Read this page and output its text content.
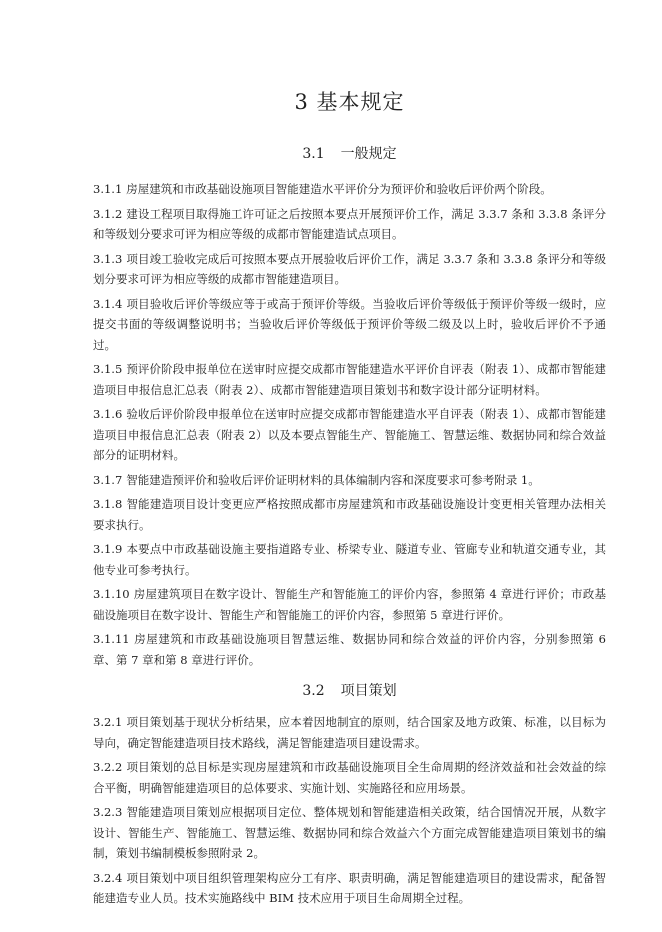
3 基本规定
3.1 一般规定

3.1.1 房屋建筑和市政基础设施项目智能建造水平评价分为预评价和验收后评价两个阶段。

3.1.2 建设工程项目取得施工许可证之后按照本要点开展预评价工作，满足 3.3.7 条和 3.3.8 条评分和等级划分要求可评为相应等级的成都市智能建造试点项目。

3.1.3 项目竣工验收完成后可按照本要点开展验收后评价工作，满足 3.3.7 条和 3.3.8 条评分和等级划分要求可评为相应等级的成都市智能建造项目。

3.1.4 项目验收后评价等级应等于或高于预评价等级。当验收后评价等级低于预评价等级一级时，应提交书面的等级调整说明书；当验收后评价等级低于预评价等级二级及以上时，验收后评价不予通过。

3.1.5 预评价阶段申报单位在送审时应提交成都市智能建造水平评价自评表（附表 1）、成都市智能建造项目申报信息汇总表（附表 2）、成都市智能建造项目策划书和数字设计部分证明材料。

3.1.6 验收后评价阶段申报单位在送审时应提交成都市智能建造水平自评表（附表 1）、成都市智能建造项目申报信息汇总表（附表 2）以及本要点智能生产、智能施工、智慧运维、数据协同和综合效益部分的证明材料。

3.1.7 智能建造预评价和验收后评价证明材料的具体编制内容和深度要求可参考附录 1。

3.1.8 智能建造项目设计变更应严格按照成都市房屋建筑和市政基础设施设计变更相关管理办法相关要求执行。

3.1.9 本要点中市政基础设施主要指道路专业、桥梁专业、隧道专业、管廊专业和轨道交通专业，其他专业可参考执行。

3.1.10 房屋建筑项目在数字设计、智能生产和智能施工的评价内容，参照第 4 章进行评价；市政基础设施项目在数字设计、智能生产和智能施工的评价内容，参照第 5 章进行评价。

3.1.11 房屋建筑和市政基础设施项目智慧运维、数据协同和综合效益的评价内容，分别参照第 6 章、第 7 章和第 8 章进行评价。

3.2 项目策划

3.2.1 项目策划基于现状分析结果，应本着因地制宜的原则，结合国家及地方政策、标准，以目标为导向，确定智能建造项目技术路线，满足智能建造项目建设需求。

3.2.2 项目策划的总目标是实现房屋建筑和市政基础设施项目全生命周期的经济效益和社会效益的综合平衡，明确智能建造项目的总体要求、实施计划、实施路径和应用场景。

3.2.3 智能建造项目策划应根据项目定位、整体规划和智能建造相关政策，结合国情况开展，从数字设计、智能生产、智能施工、智慧运维、数据协同和综合效益六个方面完成智能建造项目策划书的编制，策划书编制模板参照附录 2。

3.2.4 项目策划中项目组织管理架构应分工有序、职责明确，满足智能建造项目的建设需求，配备智能建造专业人员。技术实施路线中 BIM 技术应用于项目生命周期全过程。
